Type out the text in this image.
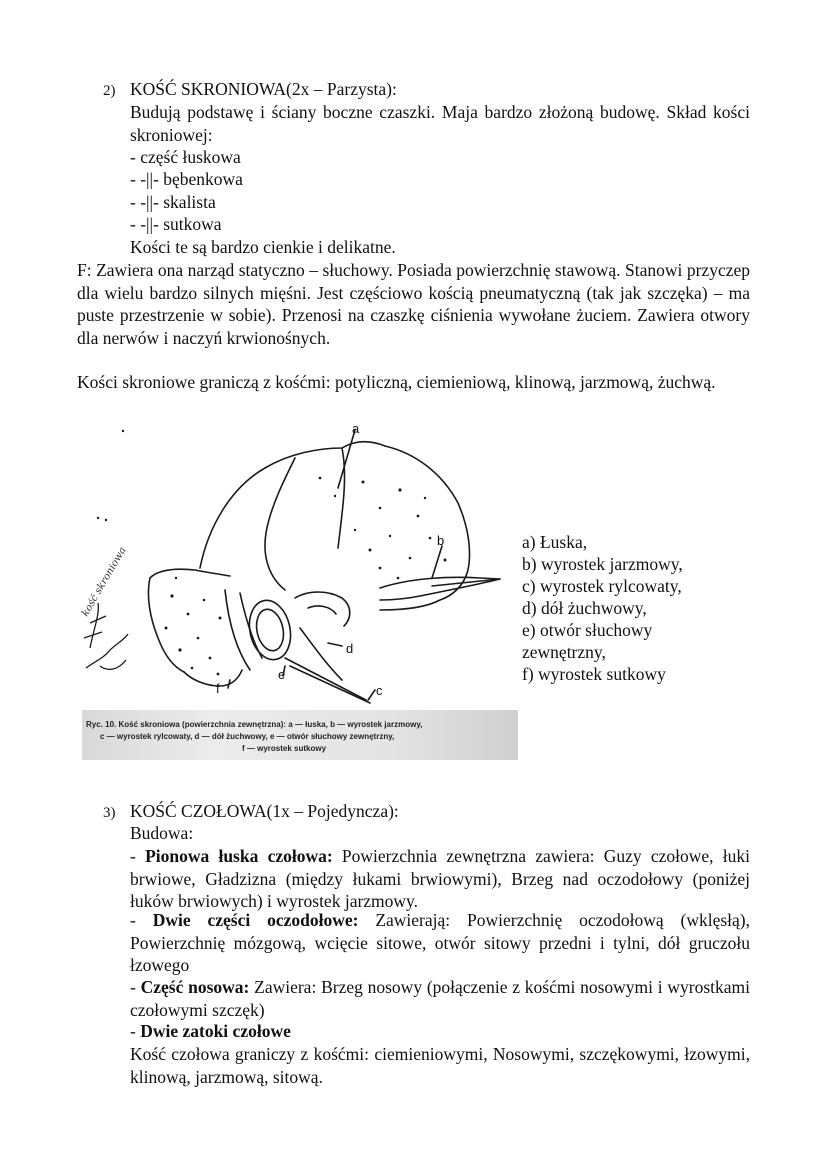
2) KOŚĆ SKRONIOWA(2x – Parzysta):
Budują podstawę i ściany boczne czaszki. Maja bardzo złożoną budowę. Skład kości skroniowej:
- część łuskowa
- -||- bębenkowa
- -||- skalista
- -||- sutkowa
Kości te są bardzo cienkie i delikatne.
F: Zawiera ona narząd statyczno – słuchowy. Posiada powierzchnię stawową. Stanowi przyczep dla wielu bardzo silnych mięśni. Jest częściowo kością pneumatyczną (tak jak szczęka) – ma puste przestrzenie w sobie). Przenosi na czaszkę ciśnienia wywołane żuciem. Zawiera otwory dla nerwów i naczyń krwionośnych.
Kości skroniowe graniczą z kośćmi: potyliczną, ciemieniową, klinową, jarzmową, żuchwą.
a
b
c
d
e
f
kość skroniowa
Ryc. 10. Kość skroniowa (powierzchnia zewnętrzna): a — łuska, b — wyrostek jarzmowy,
c — wyrostek rylcowaty, d — dół żuchwowy, e — otwór słuchowy zewnętrzny,
f — wyrostek sutkowy
a) Łuska,
b) wyrostek jarzmowy,
c) wyrostek rylcowaty,
d) dół żuchwowy,
e) otwór słuchowy
zewnętrzny,
f) wyrostek sutkowy
3) KOŚĆ CZOŁOWA(1x – Pojedyncza):
Budowa:
- Pionowa łuska czołowa: Powierzchnia zewnętrzna zawiera: Guzy czołowe, łuki brwiowe, Gładzizna (między łukami brwiowymi), Brzeg nad oczodołowy (poniżej łuków brwiowych) i wyrostek jarzmowy.
- Dwie części oczodołowe: Zawierają: Powierzchnię oczodołową (wklęsłą), Powierzchnię mózgową, wcięcie sitowe, otwór sitowy przedni i tylni, dół gruczołu łzowego
- Część nosowa: Zawiera: Brzeg nosowy (połączenie z kośćmi nosowymi i wyrostkami czołowymi szczęk)
- Dwie zatoki czołowe
Kość czołowa graniczy z kośćmi: ciemieniowymi, Nosowymi, szczękowymi, łzowymi, klinową, jarzmową, sitową.
